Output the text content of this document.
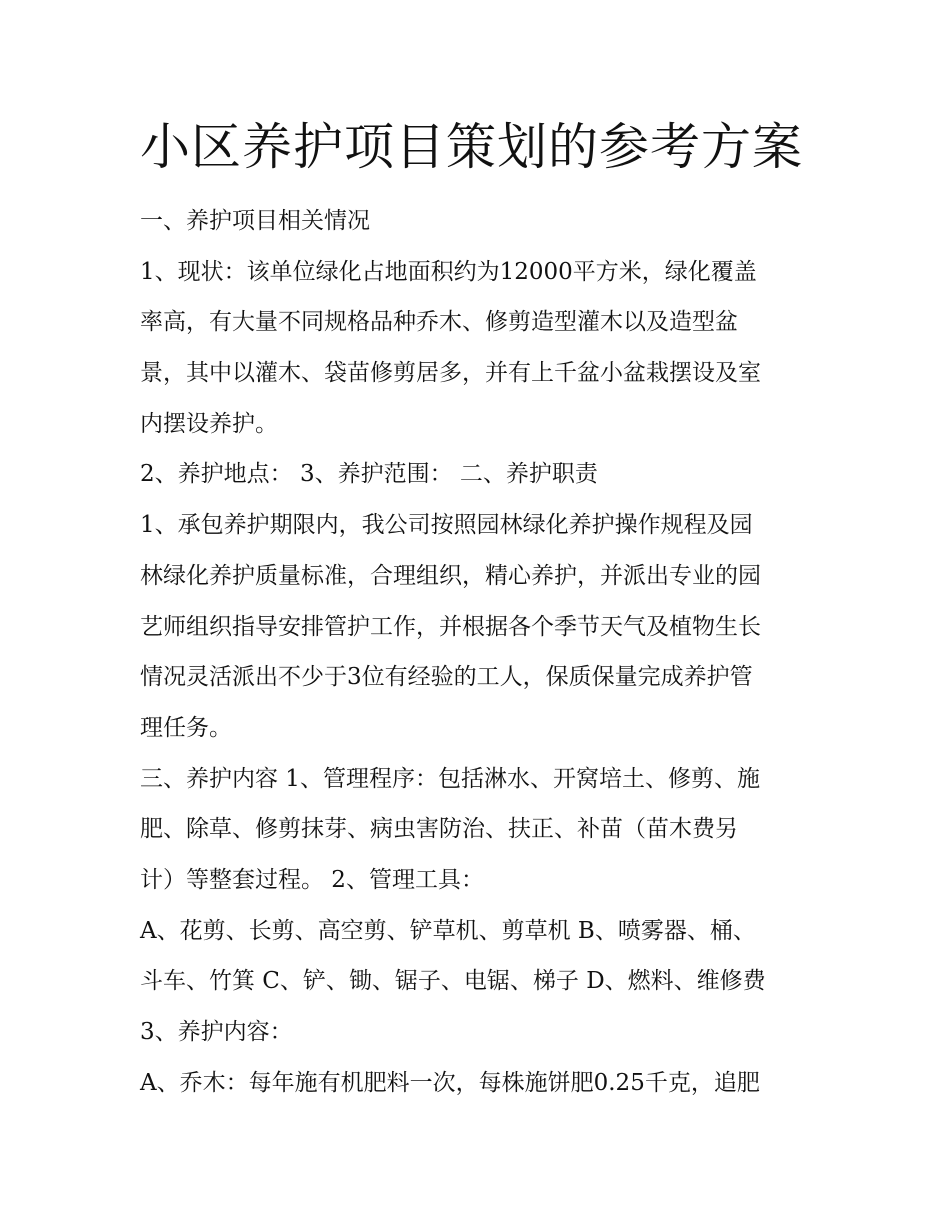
小区养护项目策划的参考方案
一、养护项目相关情况
1、现状：该单位绿化占地面积约为12000平方米，绿化覆盖
率高，有大量不同规格品种乔木、修剪造型灌木以及造型盆
景，其中以灌木、袋苗修剪居多，并有上千盆小盆栽摆设及室
内摆设养护。
2、养护地点： 3、养护范围： 二、养护职责
1、承包养护期限内，我公司按照园林绿化养护操作规程及园
林绿化养护质量标准，合理组织，精心养护，并派出专业的园
艺师组织指导安排管护工作，并根据各个季节天气及植物生长
情况灵活派出不少于3位有经验的工人，保质保量完成养护管
理任务。
三、养护内容 1、管理程序：包括淋水、开窝培土、修剪、施
肥、除草、修剪抹芽、病虫害防治、扶正、补苗（苗木费另
计）等整套过程。 2、管理工具：
A、花剪、长剪、高空剪、铲草机、剪草机 B、喷雾器、桶、
斗车、竹箕 C、铲、锄、锯子、电锯、梯子 D、燃料、维修费
3、养护内容：
A、乔木：每年施有机肥料一次，每株施饼肥0.25千克，追肥
